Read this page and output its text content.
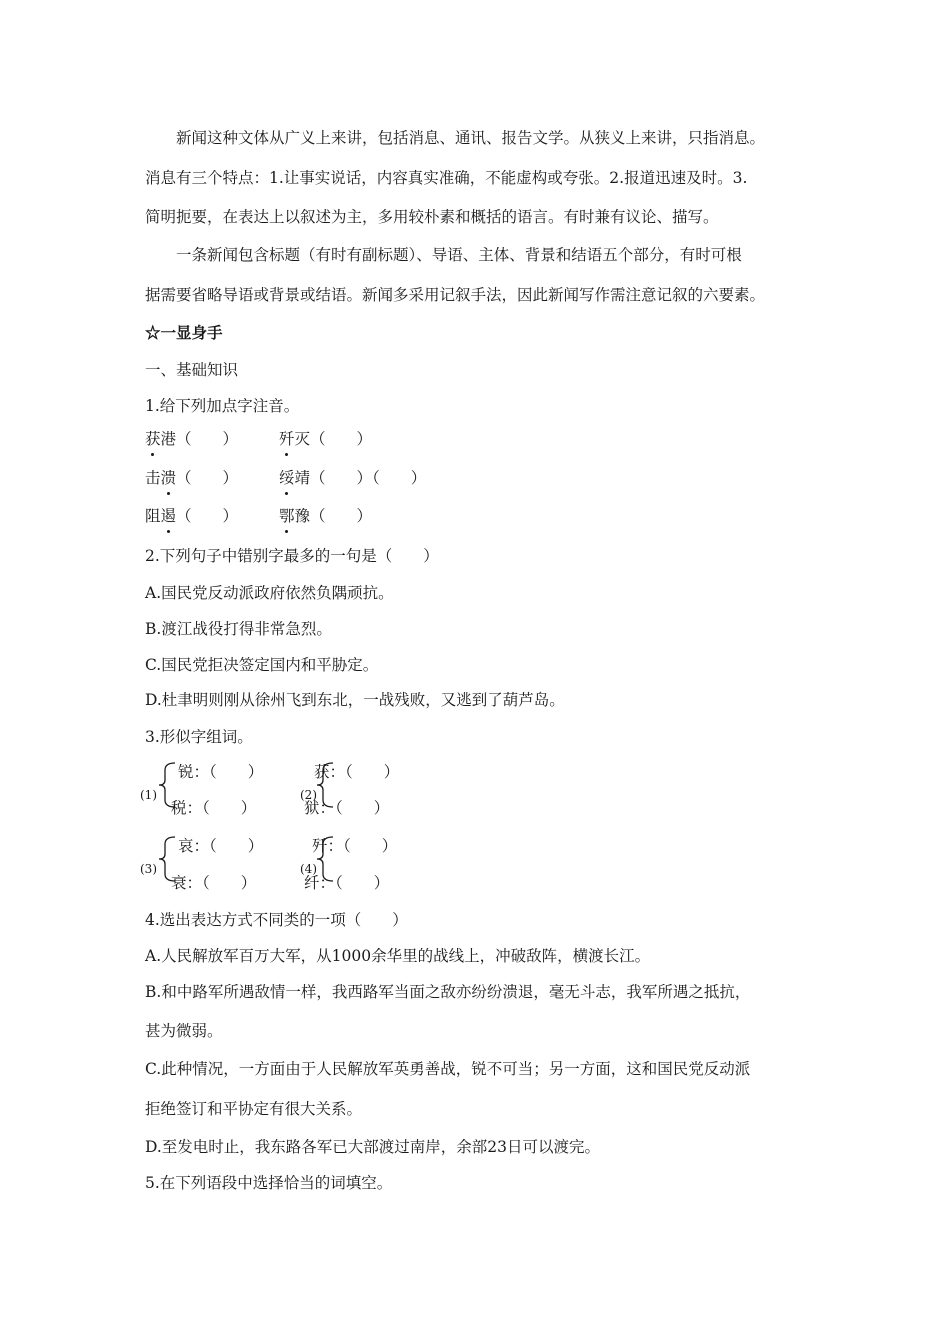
新闻这种文体从广义上来讲，包括消息、通讯、报告文学。从狭义上来讲，只指消息。
消息有三个特点：1.让事实说话，内容真实准确，不能虚构或夸张。2.报道迅速及时。3.
简明扼要，在表达上以叙述为主，多用较朴素和概括的语言。有时兼有议论、描写。
一条新闻包含标题（有时有副标题）、导语、主体、背景和结语五个部分，有时可根
据需要省略导语或背景或结语。新闻多采用记叙手法，因此新闻写作需注意记叙的六要素。
☆一显身手
一、基础知识
1.给下列加点字注音。
获港（　　）	歼灭（　　）
击溃（　　）	绥靖（　　）（　　）
阻遏（　　）	鄂豫（　　）
2.下列句子中错别字最多的一句是（　　）
A.国民党反动派政府依然负隅顽抗。
B.渡江战役打得非常急烈。
C.国民党拒决签定国内和平胁定。
D.杜聿明则刚从徐州飞到东北，一战残败，又逃到了葫芦岛。
3.形似字组词。
(1)
锐：（　　）
税：（　　）
(2)
获：（　　）
狱：（　　）
(3)
哀：（　　）
衰：（　　）
(4)
歼：（　　）
纤：（　　）
4.选出表达方式不同类的一项（　　）
A.人民解放军百万大军，从1000余华里的战线上，冲破敌阵，横渡长江。
B.和中路军所遇敌情一样，我西路军当面之敌亦纷纷溃退，毫无斗志，我军所遇之抵抗，
甚为微弱。
C.此种情况，一方面由于人民解放军英勇善战，锐不可当；另一方面，这和国民党反动派
拒绝签订和平协定有很大关系。
D.至发电时止，我东路各军已大部渡过南岸，余部23日可以渡完。
5.在下列语段中选择恰当的词填空。
